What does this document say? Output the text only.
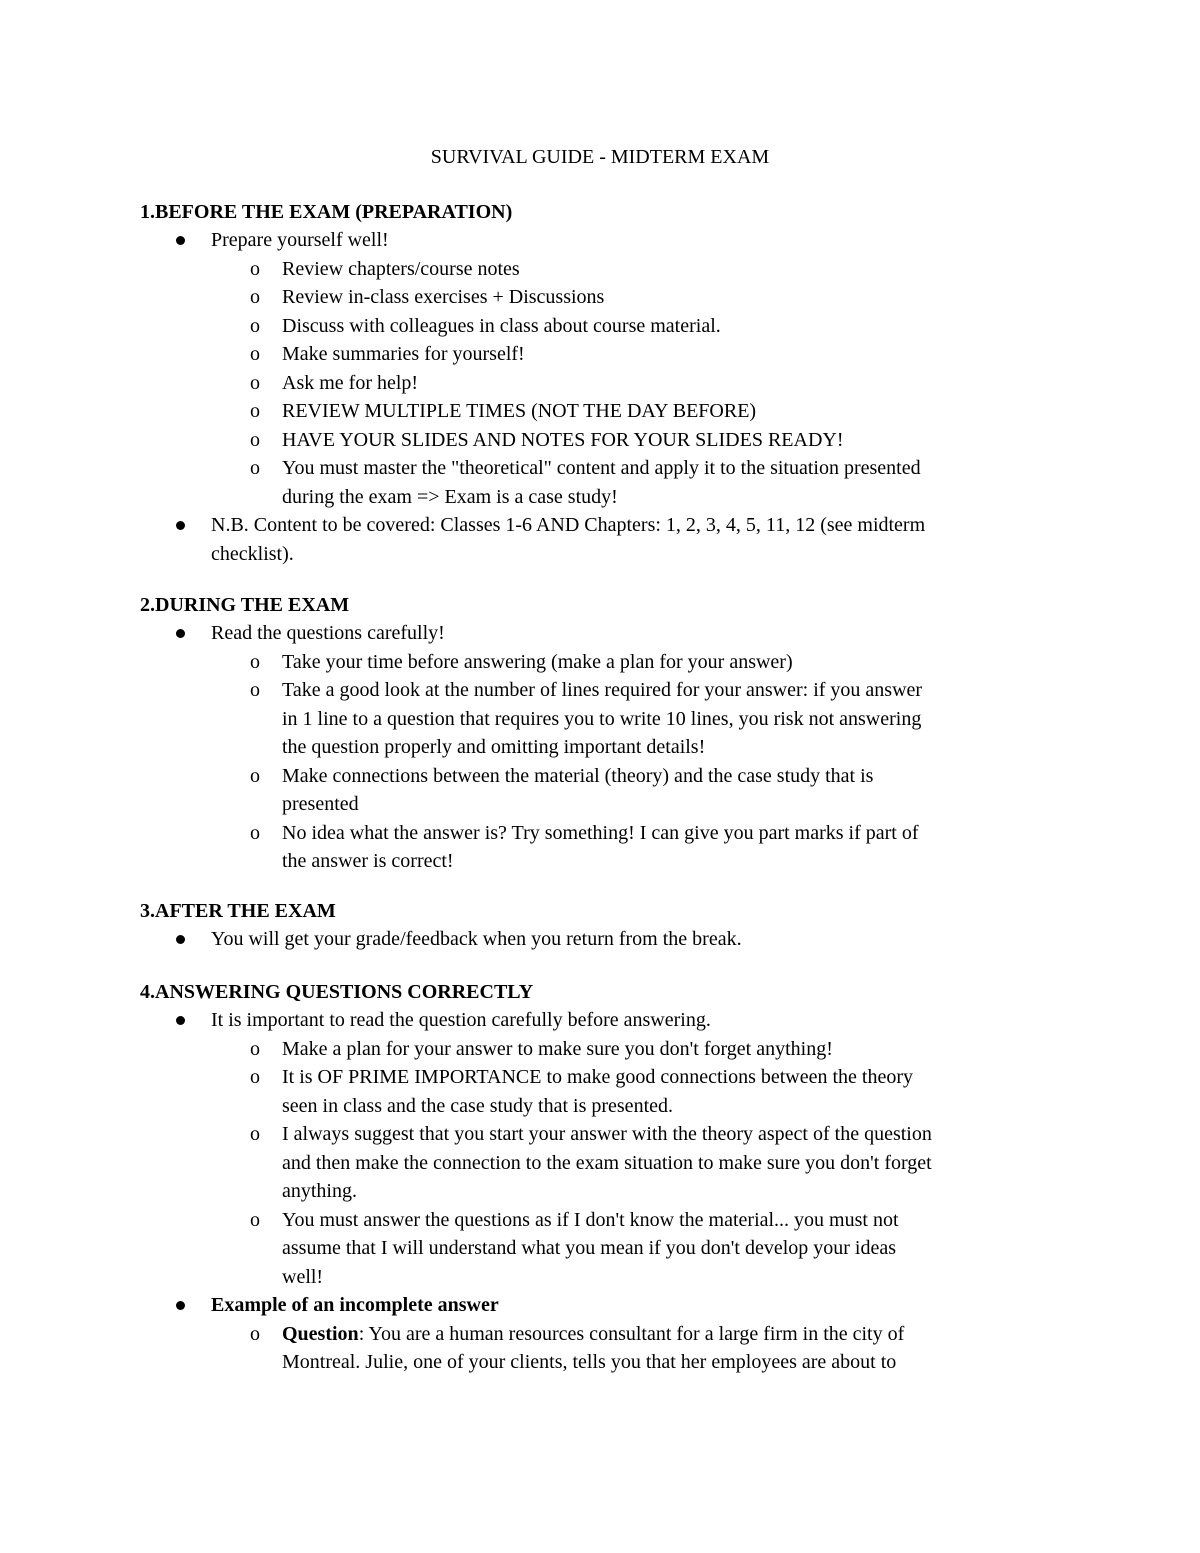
SURVIVAL GUIDE - MIDTERM EXAM
1.BEFORE THE EXAM (PREPARATION)
Prepare yourself well!
o	Review chapters/course notes
o	Review in-class exercises + Discussions
o	Discuss with colleagues in class about course material.
o	Make summaries for yourself!
o	Ask me for help!
o	REVIEW MULTIPLE TIMES (NOT THE DAY BEFORE)
o	HAVE YOUR SLIDES AND NOTES FOR YOUR SLIDES READY!
o	You must master the "theoretical" content and apply it to the situation presented
during the exam => Exam is a case study!
N.B. Content to be covered: Classes 1-6 AND Chapters: 1, 2, 3, 4, 5, 11, 12 (see midterm
checklist).
2.DURING THE EXAM
Read the questions carefully!
o	Take your time before answering (make a plan for your answer)
o	Take a good look at the number of lines required for your answer: if you answer
in 1 line to a question that requires you to write 10 lines, you risk not answering
the question properly and omitting important details!
o	Make connections between the material (theory) and the case study that is
presented
o	No idea what the answer is? Try something! I can give you part marks if part of
the answer is correct!
3.AFTER THE EXAM
You will get your grade/feedback when you return from the break.
4.ANSWERING QUESTIONS CORRECTLY
It is important to read the question carefully before answering.
o	Make a plan for your answer to make sure you don't forget anything!
o	It is OF PRIME IMPORTANCE to make good connections between the theory
seen in class and the case study that is presented.
o	I always suggest that you start your answer with the theory aspect of the question
and then make the connection to the exam situation to make sure you don't forget
anything.
o	You must answer the questions as if I don't know the material... you must not
assume that I will understand what you mean if you don't develop your ideas
well!
Example of an incomplete answer
o	Question: You are a human resources consultant for a large firm in the city of
Montreal. Julie, one of your clients, tells you that her employees are about to
